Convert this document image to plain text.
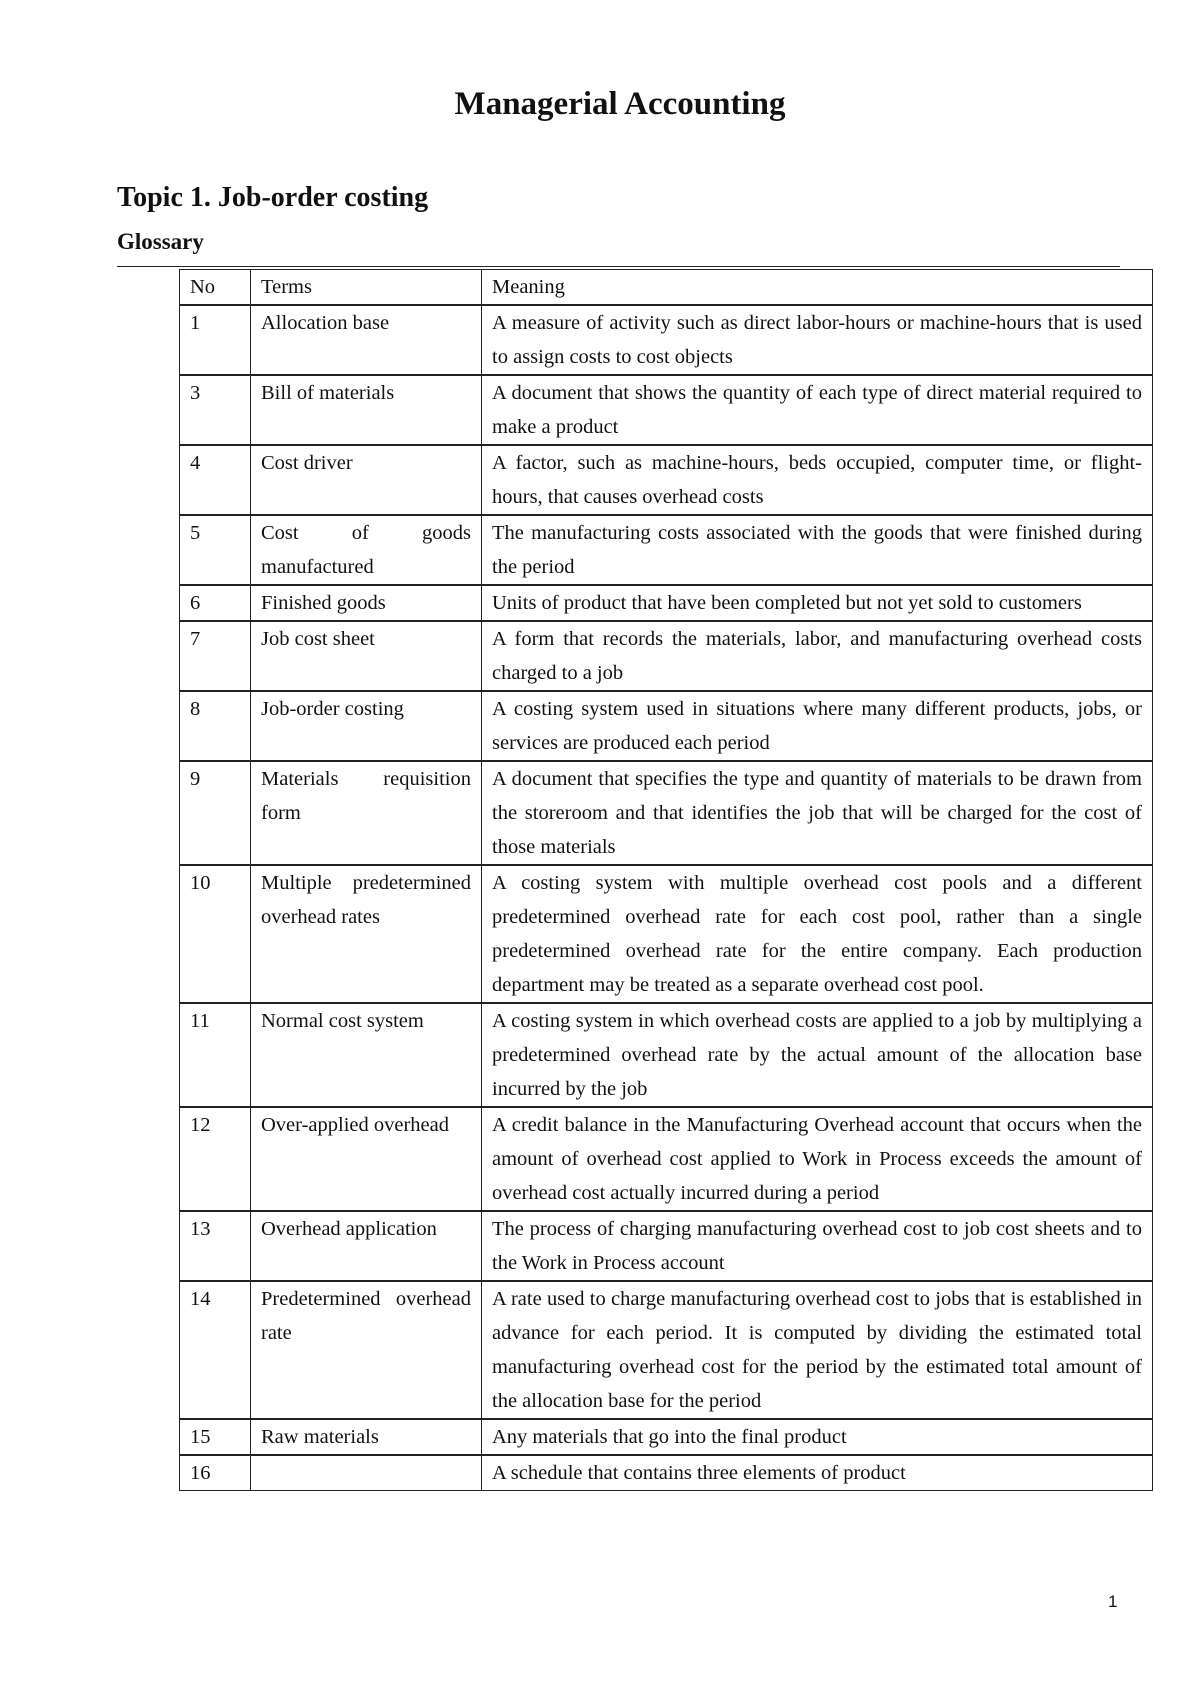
Managerial Accounting
Topic 1. Job-order costing
Glossary
No	Terms	Meaning
1	Allocation base	A measure of activity such as direct labor-hours or machine-hours that is used to assign costs to cost objects
3	Bill of materials	A document that shows the quantity of each type of direct material required to make a product
4	Cost driver	A factor, such as machine-hours, beds occupied, computer time, or flight-hours, that causes overhead costs
5	Cost of goods manufactured	The manufacturing costs associated with the goods that were finished during the period
6	Finished goods	Units of product that have been completed but not yet sold to customers
7	Job cost sheet	A form that records the materials, labor, and manufacturing overhead costs charged to a job
8	Job-order costing	A costing system used in situations where many different products, jobs, or services are produced each period
9	Materials requisition form	A document that specifies the type and quantity of materials to be drawn from the storeroom and that identifies the job that will be charged for the cost of those materials
10	Multiple predetermined overhead rates	A costing system with multiple overhead cost pools and a different predetermined overhead rate for each cost pool, rather than a single predetermined overhead rate for the entire company. Each production department may be treated as a separate overhead cost pool.
11	Normal cost system	A costing system in which overhead costs are applied to a job by multiplying a predetermined overhead rate by the actual amount of the allocation base incurred by the job
12	Over-applied overhead	A credit balance in the Manufacturing Overhead account that occurs when the amount of overhead cost applied to Work in Process exceeds the amount of overhead cost actually incurred during a period
13	Overhead application	The process of charging manufacturing overhead cost to job cost sheets and to the Work in Process account
14	Predetermined overhead rate	A rate used to charge manufacturing overhead cost to jobs that is established in advance for each period. It is computed by dividing the estimated total manufacturing overhead cost for the period by the estimated total amount of the allocation base for the period
15	Raw materials	Any materials that go into the final product
16		A schedule that contains three elements of product
1
